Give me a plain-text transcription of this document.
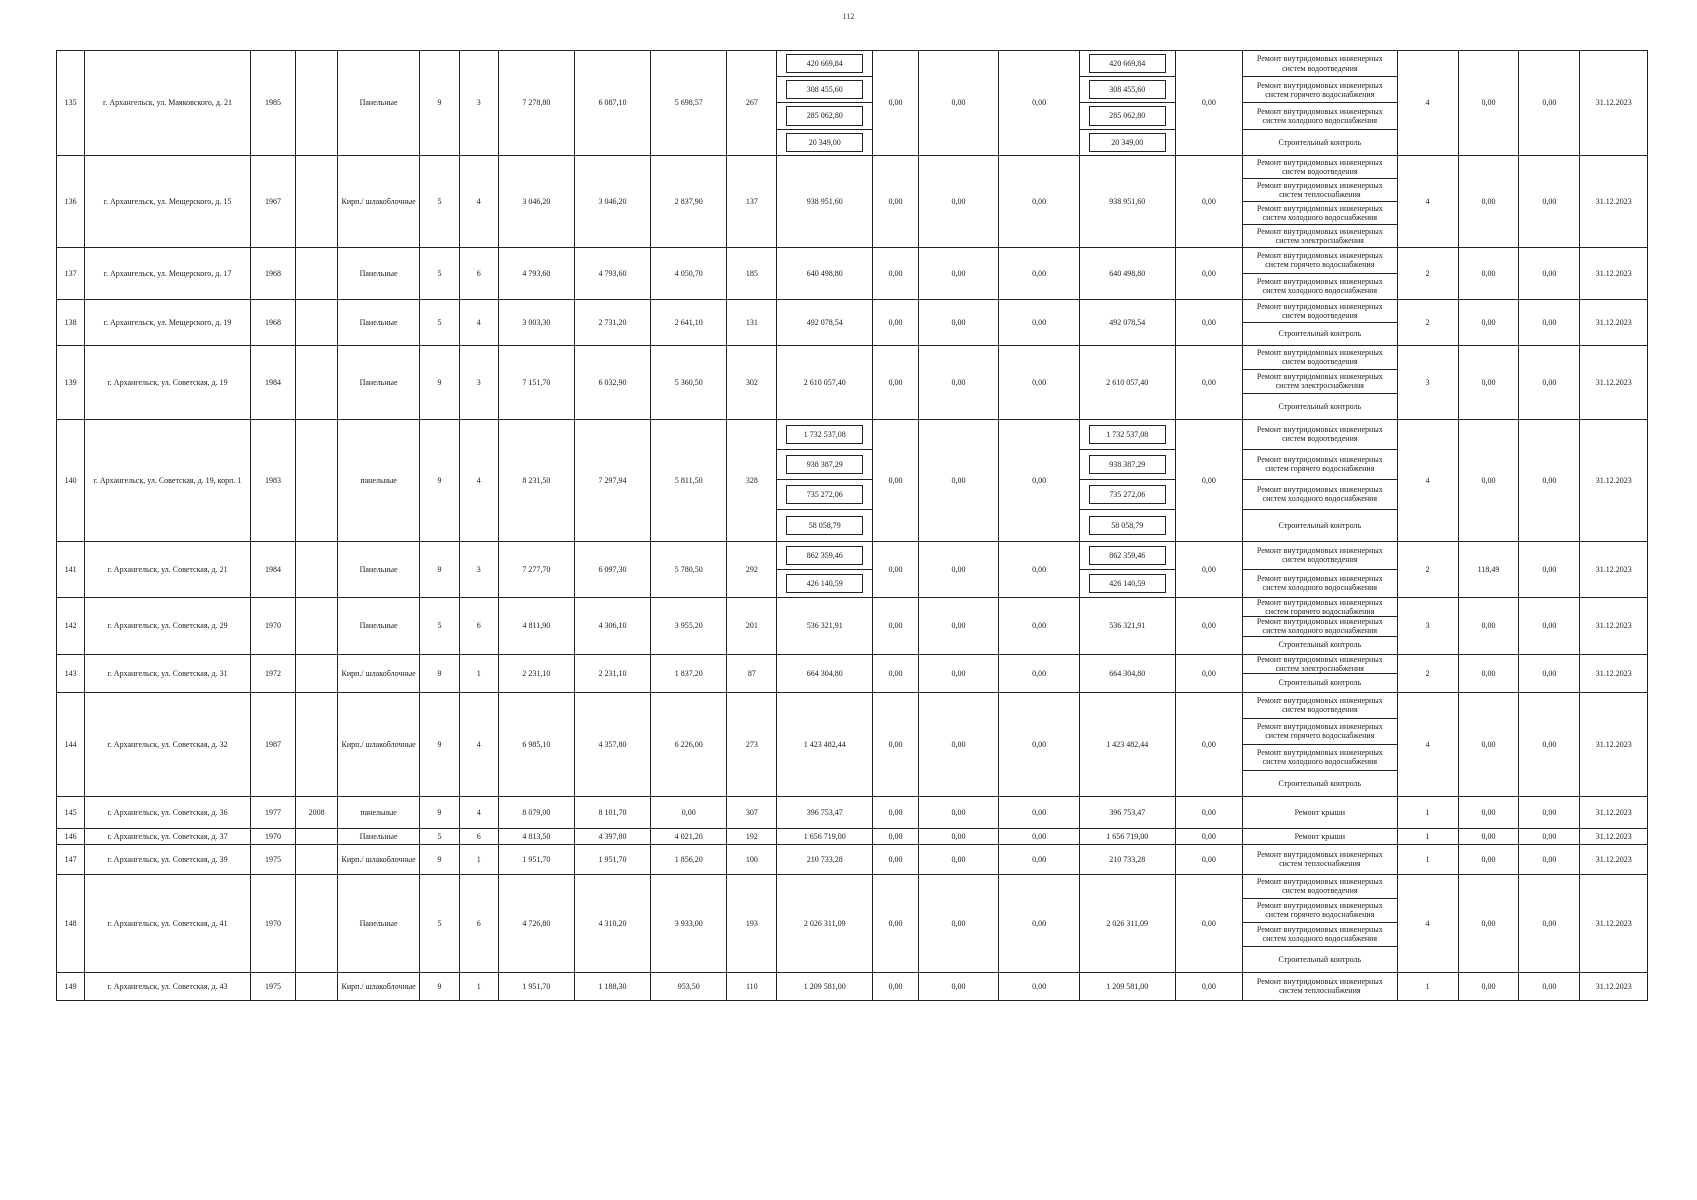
112
135	г. Архангельск, ул. Маяковского, д. 21	1985		Панельные	9	3	7 278,80	6 087,10	5 698,57	267	420 669,84	0,00	0,00	0,00	420 669,84	0,00	Ремонт внутридомовых инженерных систем водоотведения	4	0,00	0,00	31.12.2023

											308 455,60				308 455,60		Ремонт внутридомовых инженерных систем горячего водоснабжения				

											285 062,80				285 062,80		Ремонт внутридомовых инженерных систем холодного водоснабжения				

											20 349,00				20 349,00		Строительный контроль				
136	г. Архангельск, ул. Мещерского, д. 15	1967		Кирп./ шлакоблочные	5	4	3 046,20	3 046,20	2 837,90	137	938 951,60	0,00	0,00	0,00	938 951,60	0,00	Ремонт внутридомовых инженерных систем водоотведения	4	0,00	0,00	31.12.2023
																	Ремонт внутридомовых инженерных систем теплоснабжения				
																	Ремонт внутридомовых инженерных систем холодного водоснабжения				
																	Ремонт внутридомовых инженерных систем электроснабжения				
137	г. Архангельск, ул. Мещерского, д. 17	1968		Панельные	5	6	4 793,60	4 793,60	4 050,70	185	640 498,80	0,00	0,00	0,00	640 498,80	0,00	Ремонт внутридомовых инженерных систем горячего водоснабжения	2	0,00	0,00	31.12.2023
																	Ремонт внутридомовых инженерных систем холодного водоснабжения				
138	г. Архангельск, ул. Мещерского, д. 19	1968		Панельные	5	4	3 003,30	2 731,20	2 641,10	131	492 078,54	0,00	0,00	0,00	492 078,54	0,00	Ремонт внутридомовых инженерных систем водоотведения	2	0,00	0,00	31.12.2023
																	Строительный контроль				
139	г. Архангельск, ул. Советская, д. 19	1984		Панельные	9	3	7 151,70	6 032,90	5 360,50	302	2 610 057,40	0,00	0,00	0,00	2 610 057,40	0,00	Ремонт внутридомовых инженерных систем водоотведения	3	0,00	0,00	31.12.2023
																	Ремонт внутридомовых инженерных систем электроснабжения				
																	Строительный контроль				
140	г. Архангельск, ул. Советская, д. 19, корп. 1	1983		панельные	9	4	8 231,50	7 297,94	5 811,50	328	1 732 537,08	0,00	0,00	0,00	1 732 537,08	0,00	Ремонт внутридомовых инженерных систем водоотведения	4	0,00	0,00	31.12.2023

											938 387,29				938 387,29		Ремонт внутридомовых инженерных систем горячего водоснабжения				

											735 272,06				735 272,06		Ремонт внутридомовых инженерных систем холодного водоснабжения				

											58 058,79				58 058,79		Строительный контроль				
141	г. Архангельск, ул. Советская, д. 21	1984		Панельные	9	3	7 277,70	6 097,30	5 780,50	292	862 359,46	0,00	0,00	0,00	862 359,46	0,00	Ремонт внутридомовых инженерных систем водоотведения	2	118,49	0,00	31.12.2023

											426 140,59				426 140,59		Ремонт внутридомовых инженерных систем холодного водоснабжения				
142	г. Архангельск, ул. Советская, д. 29	1970		Панельные	5	6	4 811,90	4 306,10	3 955,20	201	536 321,91	0,00	0,00	0,00	536 321,91	0,00	Ремонт внутридомовых инженерных систем горячего водоснабжения	3	0,00	0,00	31.12.2023
																	Ремонт внутридомовых инженерных систем холодного водоснабжения				
																	Строительный контроль				
143	г. Архангельск, ул. Советская, д. 31	1972		Кирп./ шлакоблочные	9	1	2 231,10	2 231,10	1 837,20	87	664 304,80	0,00	0,00	0,00	664 304,80	0,00	Ремонт внутридомовых инженерных систем электроснабжения	2	0,00	0,00	31.12.2023
																	Строительный контроль				
144	г. Архангельск, ул. Советская, д. 32	1987		Кирп./ шлакоблочные	9	4	6 985,10	4 357,80	6 226,00	273	1 423 482,44	0,00	0,00	0,00	1 423 482,44	0,00	Ремонт внутридомовых инженерных систем водоотведения	4	0,00	0,00	31.12.2023
																	Ремонт внутридомовых инженерных систем горячего водоснабжения				
																	Ремонт внутридомовых инженерных систем холодного водоснабжения				
																	Строительный контроль				
145	г. Архангельск, ул. Советская, д. 36	1977	2008	панельные	9	4	8 079,00	8 101,70	0,00	307	396 753,47	0,00	0,00	0,00	396 753,47	0,00	Ремонт крыши	1	0,00	0,00	31.12.2023
146	г. Архангельск, ул. Советская, д. 37	1970		Панельные	5	6	4 813,50	4 397,80	4 021,20	192	1 656 719,00	0,00	0,00	0,00	1 656 719,00	0,00	Ремонт крыши	1	0,00	0,00	31.12.2023
147	г. Архангельск, ул. Советская, д. 39	1975		Кирп./ шлакоблочные	9	1	1 951,70	1 951,70	1 856,20	100	210 733,28	0,00	0,00	0,00	210 733,28	0,00	Ремонт внутридомовых инженерных систем теплоснабжения	1	0,00	0,00	31.12.2023
148	г. Архангельск, ул. Советская, д. 41	1970		Панельные	5	6	4 726,80	4 310,20	3 933,00	193	2 026 311,09	0,00	0,00	0,00	2 026 311,09	0,00	Ремонт внутридомовых инженерных систем водоотведения	4	0,00	0,00	31.12.2023
																	Ремонт внутридомовых инженерных систем горячего водоснабжения				
																	Ремонт внутридомовых инженерных систем холодного водоснабжения				
																	Строительный контроль				
149	г. Архангельск, ул. Советская, д. 43	1975		Кирп./ шлакоблочные	9	1	1 951,70	1 188,30	953,50	110	1 209 581,00	0,00	0,00	0,00	1 209 581,00	0,00	Ремонт внутридомовых инженерных систем теплоснабжения	1	0,00	0,00	31.12.2023
